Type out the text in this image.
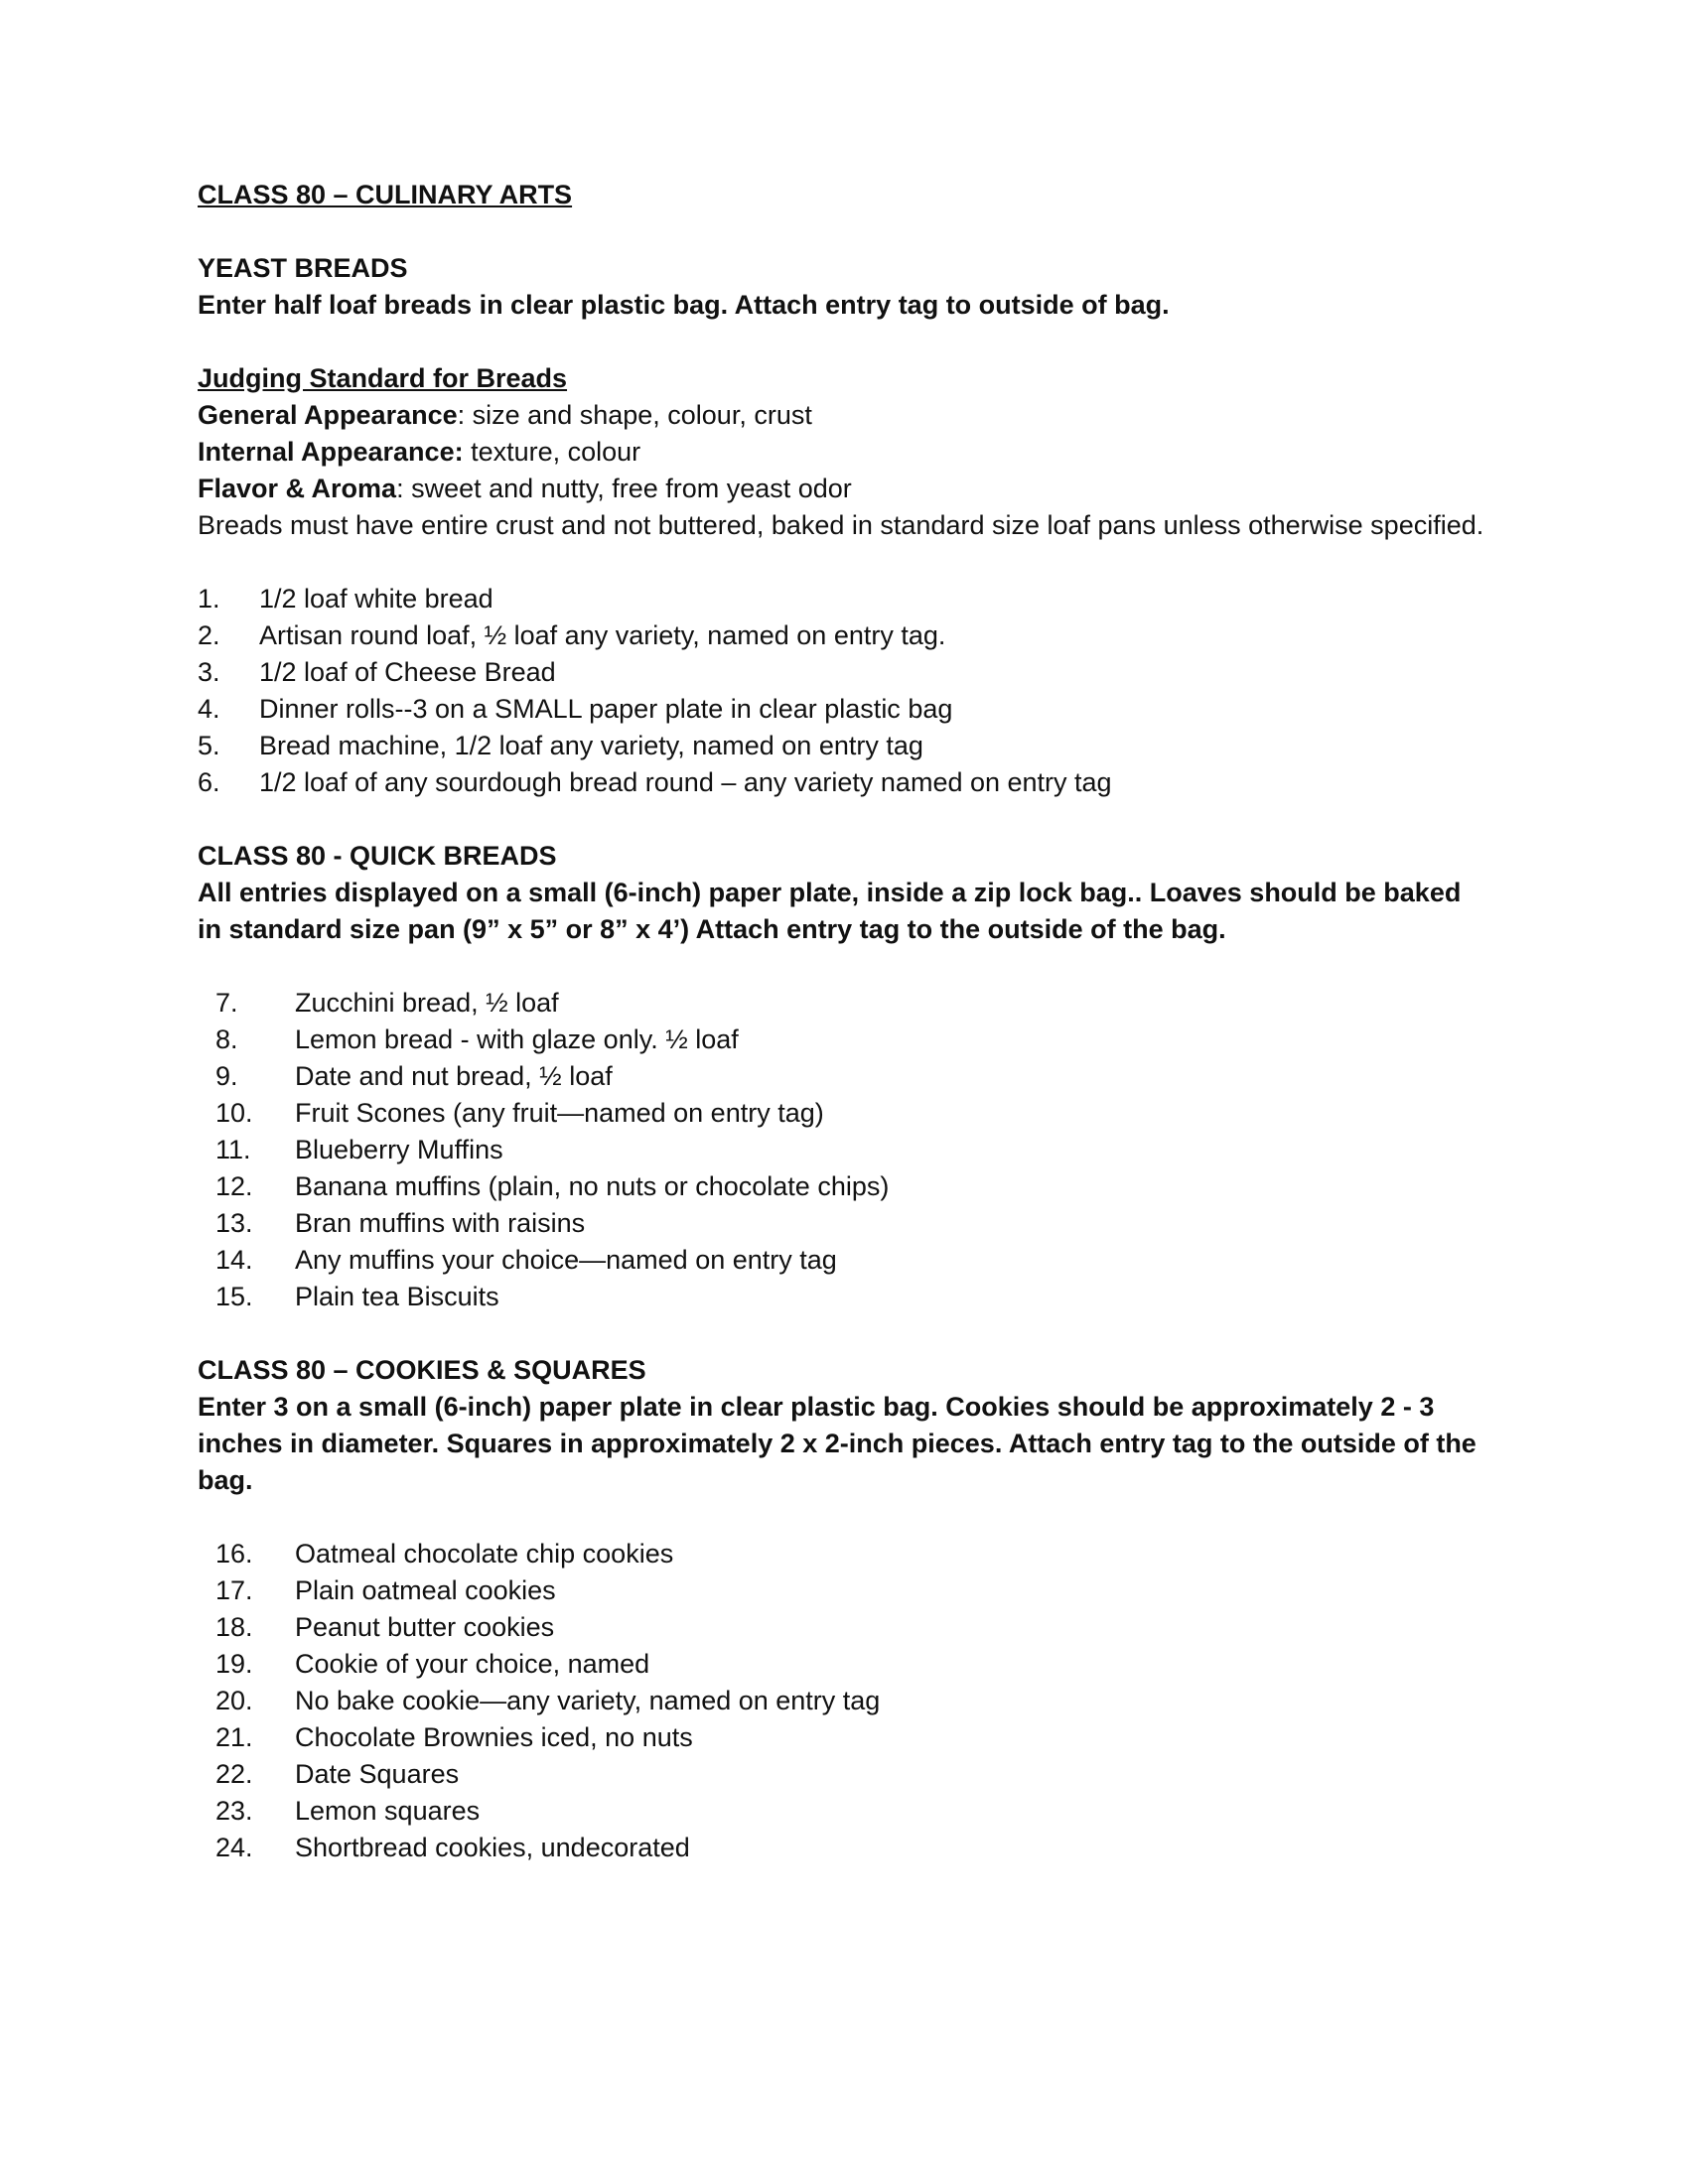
CLASS 80 – CULINARY ARTS

YEAST BREADS

Enter half loaf breads in clear plastic bag. Attach entry tag to outside of bag.

Judging Standard for Breads

General Appearance: size and shape, colour, crust

Internal Appearance: texture, colour

Flavor & Aroma: sweet and nutty, free from yeast odor

Breads must have entire crust and not buttered, baked in standard size loaf pans unless otherwise specified.

1. 1/2 loaf white bread
2. Artisan round loaf, ½ loaf any variety, named on entry tag.
3. 1/2 loaf of Cheese Bread
4. Dinner rolls--3 on a SMALL paper plate in clear plastic bag
5. Bread machine, 1/2 loaf any variety, named on entry tag
6. 1/2 loaf of any sourdough bread round – any variety named on entry tag

CLASS 80 - QUICK BREADS

All entries displayed on a small (6-inch) paper plate, inside a zip lock bag.. Loaves should be baked in standard size pan (9” x 5” or 8” x 4’) Attach entry tag to the outside of the bag.

7. Zucchini bread, ½ loaf
8. Lemon bread - with glaze only. ½ loaf
9. Date and nut bread, ½ loaf
10. Fruit Scones (any fruit—named on entry tag)
11. Blueberry Muffins
12. Banana muffins (plain, no nuts or chocolate chips)
13. Bran muffins with raisins
14. Any muffins your choice—named on entry tag
15. Plain tea Biscuits

CLASS 80 – COOKIES & SQUARES

Enter 3 on a small (6-inch) paper plate in clear plastic bag. Cookies should be approximately 2 - 3 inches in diameter. Squares in approximately 2 x 2-inch pieces. Attach entry tag to the outside of the bag.

16. Oatmeal chocolate chip cookies
17. Plain oatmeal cookies
18. Peanut butter cookies
19. Cookie of your choice, named
20. No bake cookie—any variety, named on entry tag
21. Chocolate Brownies iced, no nuts
22. Date Squares
23. Lemon squares
24. Shortbread cookies, undecorated
